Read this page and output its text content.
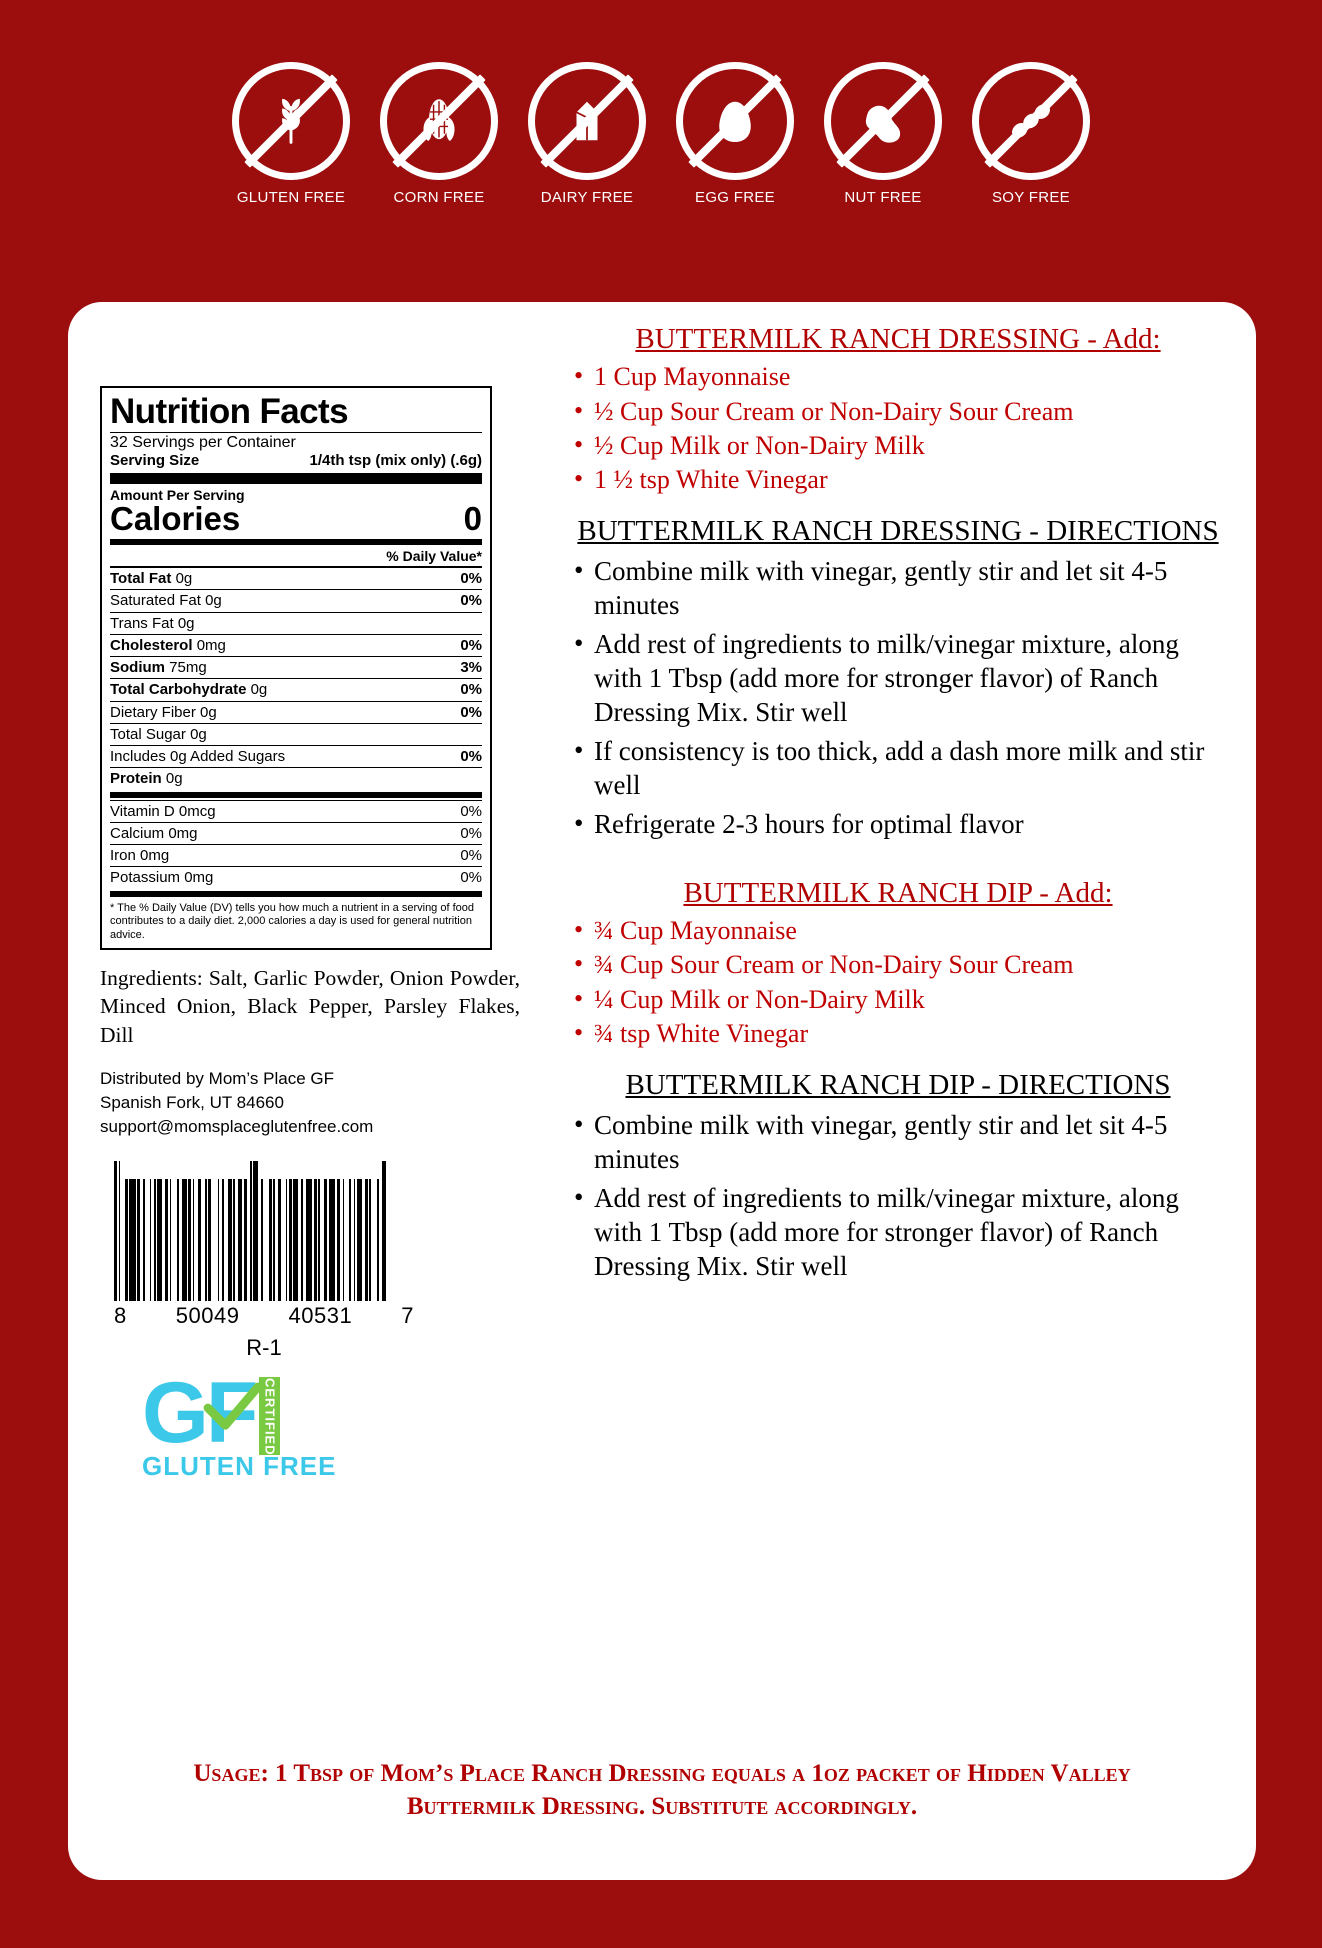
GLUTEN FREE	CORN FREE	DAIRY FREE	EGG FREE	NUT FREE	SOY FREE
Nutrition Facts
32 Servings per Container
Serving Size	1/4th tsp (mix only) (.6g)
Amount Per Serving
Calories	0
% Daily Value*
Total Fat 0g	0%
Saturated Fat 0g	0%
Trans Fat 0g
Cholesterol 0mg	0%
Sodium 75mg	3%
Total Carbohydrate 0g	0%
Dietary Fiber 0g	0%
Total Sugar 0g
Includes 0g Added Sugars	0%
Protein 0g
Vitamin D 0mcg	0%
Calcium 0mg	0%
Iron 0mg	0%
Potassium 0mg	0%
* The % Daily Value (DV) tells you how much a nutrient in a serving of food contributes to a daily diet. 2,000 calories a day is used for general nutrition advice.
Ingredients: Salt, Garlic Powder, Onion Powder, Minced Onion, Black Pepper, Parsley Flakes, Dill
Distributed by Mom’s Place GF
Spanish Fork, UT 84660
support@momsplaceglutenfree.com
8 50049 40531 7
R-1
GF CERTIFIED
GLUTEN FREE
BUTTERMILK RANCH DRESSING - Add:
• 1 Cup Mayonnaise
• ½ Cup Sour Cream or Non-Dairy Sour Cream
• ½ Cup Milk or Non-Dairy Milk
• 1 ½ tsp White Vinegar
BUTTERMILK RANCH DRESSING - DIRECTIONS
• Combine milk with vinegar, gently stir and let sit 4-5 minutes
• Add rest of ingredients to milk/vinegar mixture, along with 1 Tbsp (add more for stronger flavor) of Ranch Dressing Mix. Stir well
• If consistency is too thick, add a dash more milk and stir well
• Refrigerate 2-3 hours for optimal flavor
BUTTERMILK RANCH DIP - Add:
• ¾ Cup Mayonnaise
• ¾ Cup Sour Cream or Non-Dairy Sour Cream
• ¼ Cup Milk or Non-Dairy Milk
• ¾ tsp White Vinegar
BUTTERMILK RANCH DIP - DIRECTIONS
• Combine milk with vinegar, gently stir and let sit 4-5 minutes
• Add rest of ingredients to milk/vinegar mixture, along with 1 Tbsp (add more for stronger flavor) of Ranch Dressing Mix. Stir well
Usage: 1 Tbsp of Mom’s Place Ranch Dressing equals a 1oz packet of Hidden Valley Buttermilk Dressing. Substitute accordingly.
